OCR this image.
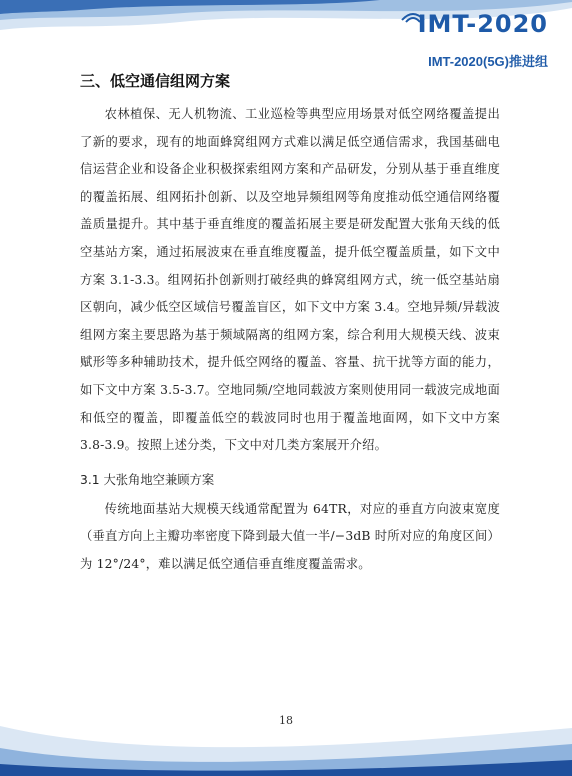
IMT-2020
IMT-2020(5G)推进组
三、低空通信组网方案

农林植保、无人机物流、工业巡检等典型应用场景对低空网络覆盖提出了新的要求，现有的地面蜂窝组网方式难以满足低空通信需求，我国基础电信运营企业和设备企业积极探索组网方案和产品研发，分别从基于垂直维度的覆盖拓展、组网拓扑创新、以及空地异频组网等角度推动低空通信网络覆盖质量提升。其中基于垂直维度的覆盖拓展主要是研发配置大张角天线的低空基站方案，通过拓展波束在垂直维度覆盖，提升低空覆盖质量，如下文中方案 3.1-3.3。组网拓扑创新则打破经典的蜂窝组网方式，统一低空基站扇区朝向，减少低空区域信号覆盖盲区，如下文中方案 3.4。空地异频/异载波组网方案主要思路为基于频域隔离的组网方案，综合利用大规模天线、波束赋形等多种辅助技术，提升低空网络的覆盖、容量、抗干扰等方面的能力，如下文中方案 3.5-3.7。空地同频/空地同载波方案则使用同一载波完成地面和低空的覆盖，即覆盖低空的载波同时也用于覆盖地面网，如下文中方案 3.8-3.9。按照上述分类，下文中对几类方案展开介绍。

3.1 大张角地空兼顾方案

传统地面基站大规模天线通常配置为 64TR，对应的垂直方向波束宽度（垂直方向上主瓣功率密度下降到最大值一半/−3dB 时所对应的角度区间）为 12°/24°，难以满足低空通信垂直维度覆盖需求。

18
